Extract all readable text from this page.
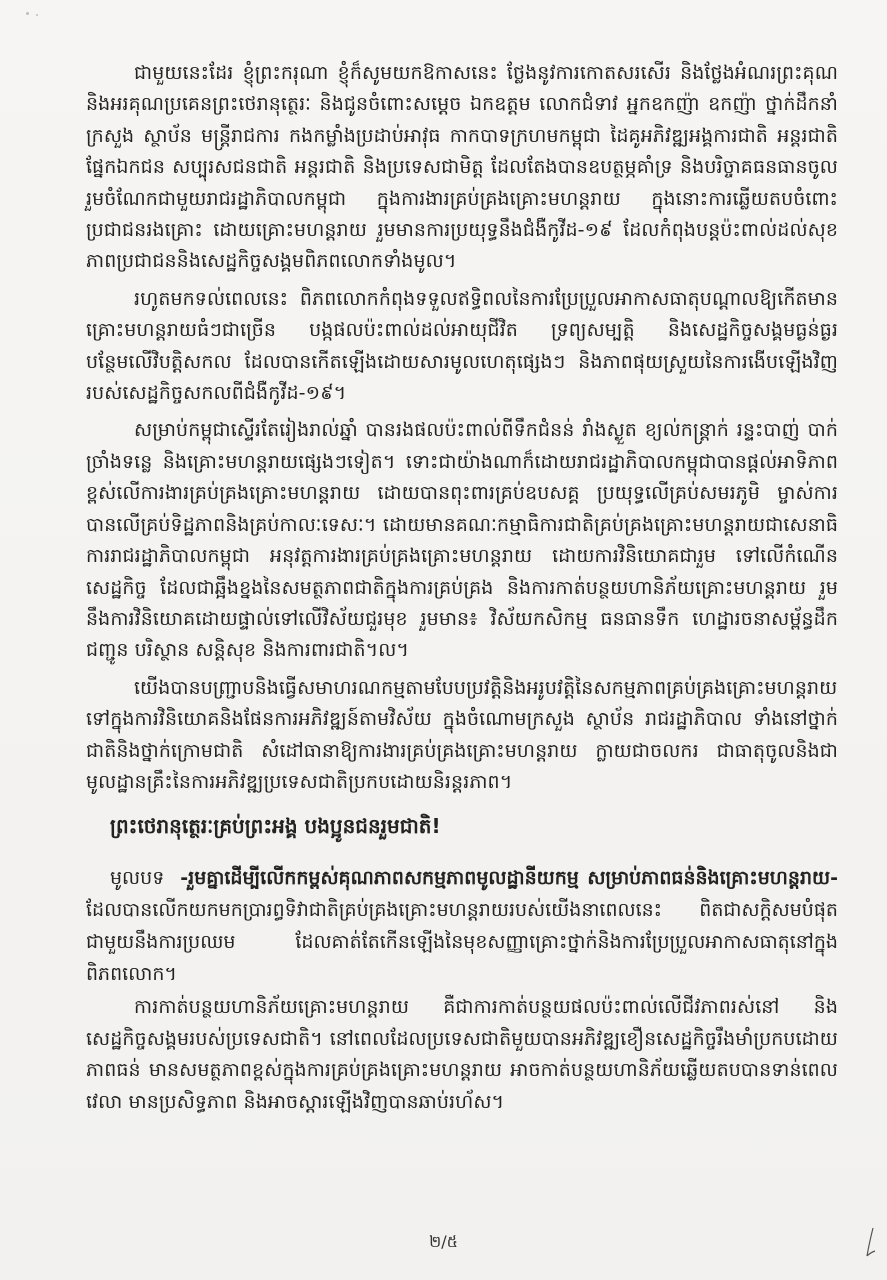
ជាមួយនេះដែរ ខ្ញុំព្រះករុណា ខ្ញុំក៏សូមយកឱកាសនេះ ថ្លែងនូវការកោតសរសើរ និងថ្លែងអំណរព្រះគុណ និងអរគុណប្រគេនព្រះថេរានុត្ថេរៈ និងជូនចំពោះសម្ដេច ឯកឧត្ដម លោកជំទាវ អ្នកឧកញ៉ា ឧកញ៉ា ថ្នាក់ដឹកនាំក្រសួង ស្ថាប័ន មន្ត្រីរាជការ កងកម្លាំងប្រដាប់អាវុធ កាកបាទក្រហមកម្ពុជា ដៃគូអភិវឌ្ឍអង្គការជាតិ អន្តរជាតិ ផ្នែកឯកជន សប្បុរសជនជាតិ អន្តរជាតិ និងប្រទេសជាមិត្ត ដែលតែងបានឧបត្ថម្ភគាំទ្រ និងបរិច្ចាគធនធានចូលរួមចំណែកជាមួយរាជរដ្ឋាភិបាលកម្ពុជា ក្នុងការងារគ្រប់គ្រងគ្រោះមហន្តរាយ ក្នុងនោះការឆ្លើយតបចំពោះប្រជាជនរងគ្រោះ ដោយគ្រោះមហន្តរាយ រួមមានការប្រយុទ្ធនឹងជំងឺកូវីដ-១៩ ដែលកំពុងបន្តប៉ះពាល់ដល់សុខភាពប្រជាជននិងសេដ្ឋកិច្ចសង្គមពិភពលោកទាំងមូល។

រហូតមកទល់ពេលនេះ ពិភពលោកកំពុងទទួលឥទ្ធិពលនៃការប្រែប្រួលអាកាសធាតុបណ្ដាលឱ្យកើតមានគ្រោះមហន្តរាយធំៗជាច្រើន បង្កផលប៉ះពាល់ដល់អាយុជីវិត ទ្រព្យសម្បត្តិ និងសេដ្ឋកិច្ចសង្គមធ្ងន់ធ្ងរបន្ថែមលើវិបត្តិសកល ដែលបានកើតឡើងដោយសារមូលហេតុផ្សេងៗ និងភាពផុយស្រួយនៃការងើបឡើងវិញរបស់សេដ្ឋកិច្ចសកលពីជំងឺកូវីដ-១៩។

សម្រាប់កម្ពុជាស្ទើរតែរៀងរាល់ឆ្នាំ បានរងផលប៉ះពាល់ពីទឹកជំនន់ រាំងស្ងួត ខ្យល់កន្ត្រាក់ រន្ទះបាញ់ បាក់ច្រាំងទន្លេ និងគ្រោះមហន្តរាយផ្សេងៗទៀត។ ទោះជាយ៉ាងណាក៏ដោយរាជរដ្ឋាភិបាលកម្ពុជាបានផ្ដល់អាទិភាពខ្ពស់លើការងារគ្រប់គ្រងគ្រោះមហន្តរាយ ដោយបានពុះពារគ្រប់ឧបសគ្គ ប្រយុទ្ធលើគ្រប់សមរភូមិ ម្ចាស់ការបានលើគ្រប់ទិដ្ឋភាពនិងគ្រប់កាលៈទេសៈ។ ដោយមានគណៈកម្មាធិការជាតិគ្រប់គ្រងគ្រោះមហន្តរាយជាសេនាធិការរាជរដ្ឋាភិបាលកម្ពុជា អនុវត្តការងារគ្រប់គ្រងគ្រោះមហន្តរាយ ដោយការវិនិយោគជារួម ទៅលើកំណើនសេដ្ឋកិច្ច ដែលជាឆ្អឹងខ្នងនៃសមត្ថភាពជាតិក្នុងការគ្រប់គ្រង និងការកាត់បន្ថយហានិភ័យគ្រោះមហន្តរាយ រួមនឹងការវិនិយោគដោយផ្ទាល់ទៅលើវិស័យជួរមុខ រួមមាន៖ វិស័យកសិកម្ម ធនធានទឹក ហេដ្ឋារចនាសម្ព័ន្ធដឹកជញ្ជូន បរិស្ថាន សន្តិសុខ និងការពារជាតិ។ល។

យើងបានបញ្ជ្រាបនិងធ្វើសមាហរណកម្មតាមបែបប្រវត្តិនិងអរូបវត្តិនៃសកម្មភាពគ្រប់គ្រងគ្រោះមហន្តរាយទៅក្នុងការវិនិយោគនិងផែនការអភិវឌ្ឍន៍តាមវិស័យ ក្នុងចំណោមក្រសួង ស្ថាប័ន រាជរដ្ឋាភិបាល ទាំងនៅថ្នាក់ជាតិនិងថ្នាក់ក្រោមជាតិ សំដៅធានាឱ្យការងារគ្រប់គ្រងគ្រោះមហន្តរាយ ក្លាយជាចលករ ជាធាតុចូលនិងជាមូលដ្ឋានគ្រឹះនៃការអភិវឌ្ឍប្រទេសជាតិប្រកបដោយនិរន្តរភាព។

ព្រះថេរានុត្ថេរៈគ្រប់ព្រះអង្គ បងប្អូនជនរួមជាតិ!

មូលបទ -រួមគ្នាដើម្បីលើកកម្ពស់គុណភាពសកម្មភាពមូលដ្ឋានីយកម្ម សម្រាប់ភាពធន់និងគ្រោះមហន្តរាយ- ដែលបានលើកយកមកប្រារព្ធទិវាជាតិគ្រប់គ្រងគ្រោះមហន្តរាយរបស់យើងនាពេលនេះ ពិតជាសក្តិសមបំផុតជាមួយនឹងការប្រឈម ដែលគាត់តែកើនឡើងនៃមុខសញ្ញាគ្រោះថ្នាក់និងការប្រែប្រួលអាកាសធាតុនៅក្នុងពិភពលោក។

ការកាត់បន្ថយហានិភ័យគ្រោះមហន្តរាយ គឺជាការកាត់បន្ថយផលប៉ះពាល់លើជីវភាពរស់នៅ និងសេដ្ឋកិច្ចសង្គមរបស់ប្រទេសជាតិ។ នៅពេលដែលប្រទេសជាតិមួយបានអភិវឌ្ឍខឿនសេដ្ឋកិច្ចរឹងមាំប្រកបដោយភាពធន់ មានសមត្ថភាពខ្ពស់ក្នុងការគ្រប់គ្រងគ្រោះមហន្តរាយ អាចកាត់បន្ថយហានិភ័យឆ្លើយតបបានទាន់ពេលវេលា មានប្រសិទ្ធភាព និងអាចស្ដារឡើងវិញបានឆាប់រហ័ស។

២/៥
